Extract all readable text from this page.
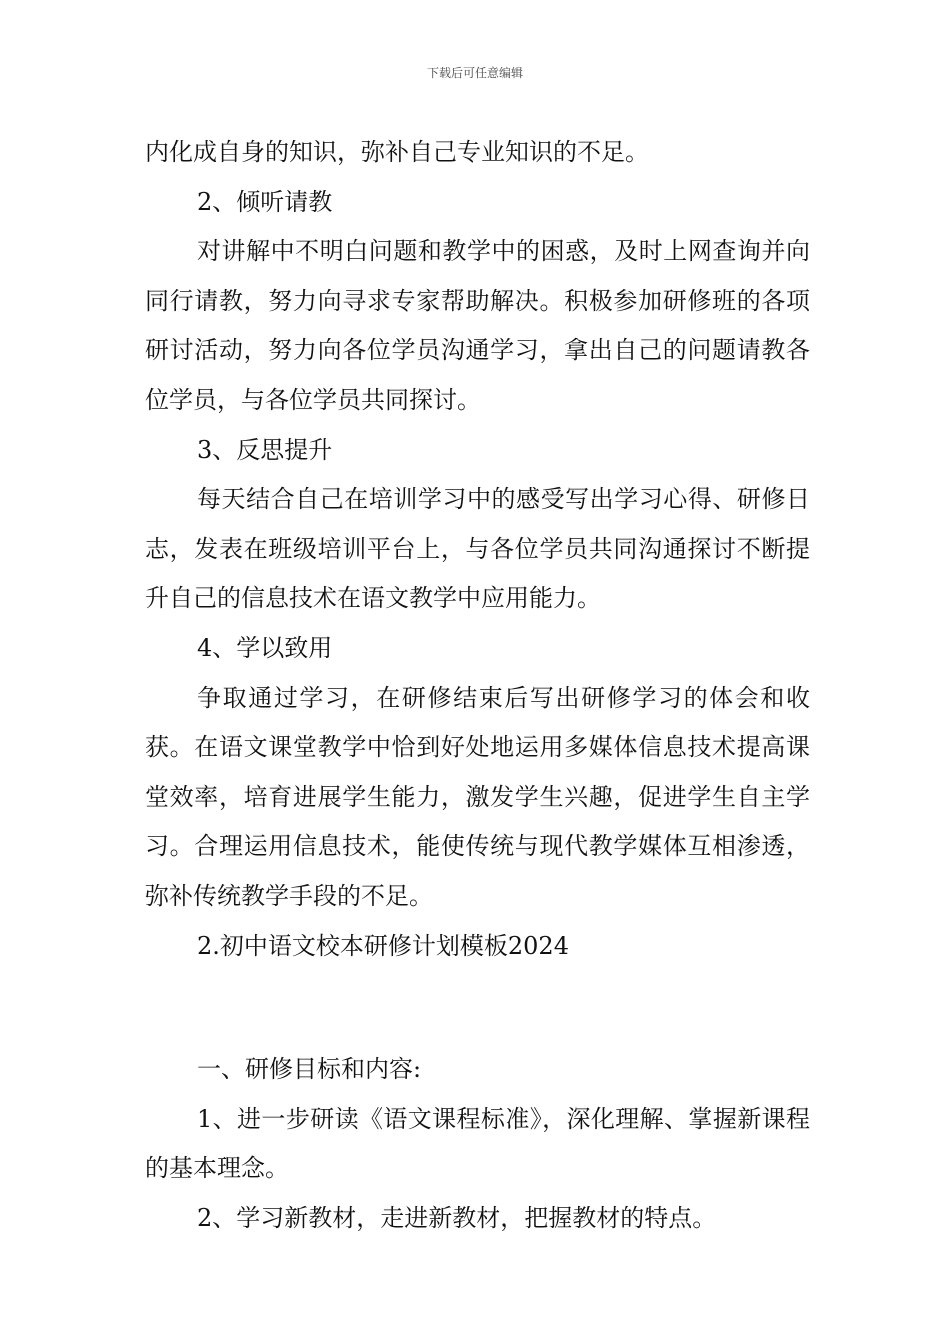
下载后可任意编辑

内化成自身的知识，弥补自己专业知识的不足。

2、倾听请教

对讲解中不明白问题和教学中的困惑，及时上网查询并向同行请教，努力向寻求专家帮助解决。积极参加研修班的各项研讨活动，努力向各位学员沟通学习，拿出自己的问题请教各位学员，与各位学员共同探讨。

3、反思提升

每天结合自己在培训学习中的感受写出学习心得、研修日志，发表在班级培训平台上，与各位学员共同沟通探讨不断提升自己的信息技术在语文教学中应用能力。

4、学以致用

争取通过学习，在研修结束后写出研修学习的体会和收获。在语文课堂教学中恰到好处地运用多媒体信息技术提高课堂效率，培育进展学生能力，激发学生兴趣，促进学生自主学习。合理运用信息技术，能使传统与现代教学媒体互相渗透，弥补传统教学手段的不足。

2.初中语文校本研修计划模板2024

一、研修目标和内容:

1、进一步研读《语文课程标准》，深化理解、掌握新课程的基本理念。

2、学习新教材，走进新教材，把握教材的特点。
